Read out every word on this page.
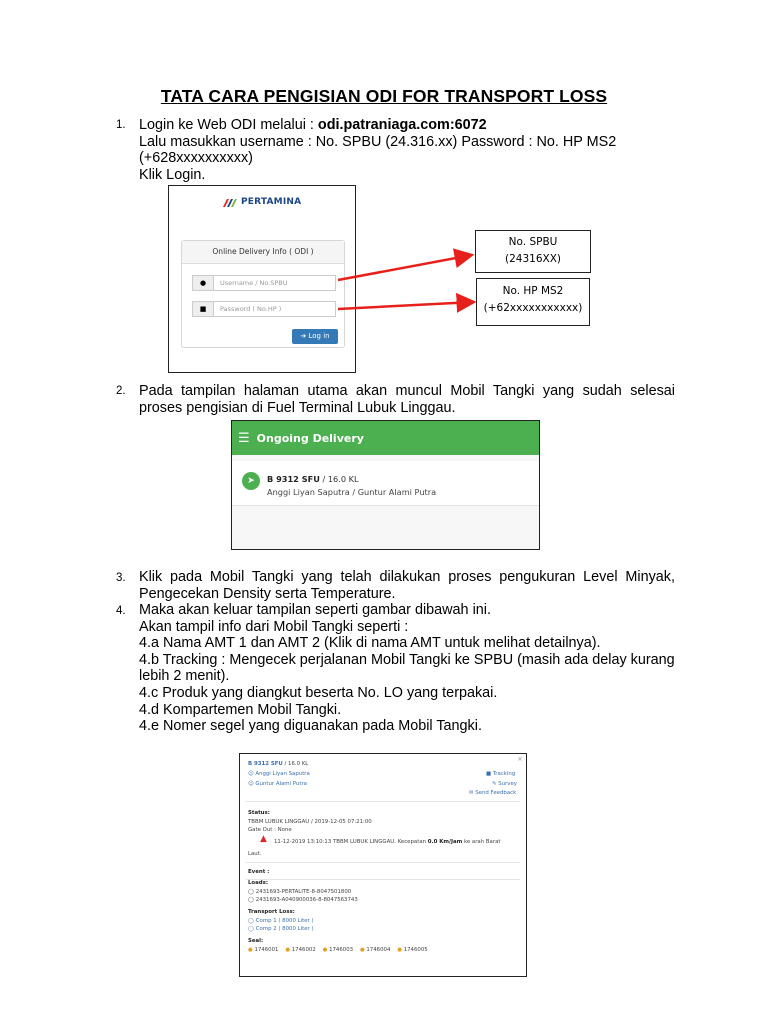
TATA CARA PENGISIAN ODI FOR TRANSPORT LOSS
1. Login ke Web ODI melalui : odi.patraniaga.com:6072
Lalu masukkan username : No. SPBU (24.316.xx) Password : No. HP MS2 (+628xxxxxxxxxx)
Klik Login.
PERTAMINA
Online Delivery Info ( ODI )
●	Username / No.SPBU
■	Password ( No.HP )
➔ Log in
No. SPBU
(24316XX)
No. HP MS2
(+62xxxxxxxxxxx)
2. Pada tampilan halaman utama akan muncul Mobil Tangki yang sudah selesai proses pengisian di Fuel Terminal Lubuk Linggau.
☰ Ongoing Delivery
➤	B 9312 SFU / 16.0 KL
Anggi Liyan Saputra / Guntur Alami Putra
3. Klik pada Mobil Tangki yang telah dilakukan proses pengukuran Level Minyak, Pengecekan Density serta Temperature.
4. Maka akan keluar tampilan seperti gambar dibawah ini.
Akan tampil info dari Mobil Tangki seperti :
4.a Nama AMT 1 dan AMT 2 (Klik di nama AMT untuk melihat detailnya).
4.b Tracking : Mengecek perjalanan Mobil Tangki ke SPBU (masih ada delay kurang lebih 2 menit).
4.c Produk yang diangkut beserta No. LO yang terpakai.
4.d Kompartemen Mobil Tangki.
4.e Nomer segel yang diguanakan pada Mobil Tangki.
×
B 9312 SFU / 16.0 KL
☺ Anggi Liyan Saputra
☺ Guntur Alami Putra
■ Tracking
✎ Survey
✉ Send Feedback
Status:
TBBM LUBUK LINGGAU / 2019-12-05 07:21:00
Gate Out : None
▲ 11-12-2019 13:10:13 TBBM LUBUK LINGGAU. Kecepatan 0.0 Km/Jam ke arah Barat
Laut.
Event :
Loads:
◯ 2431693-PERTALITE-8-8047501800
◯ 2431693-A040900036-8-8047563743
Transport Loss:
◯ Comp 1 ( 8000 Liter )
◯ Comp 2 ( 8000 Liter )
Seal:
● 1746001 ● 1746002 ● 1746003 ● 1746004 ● 1746005
